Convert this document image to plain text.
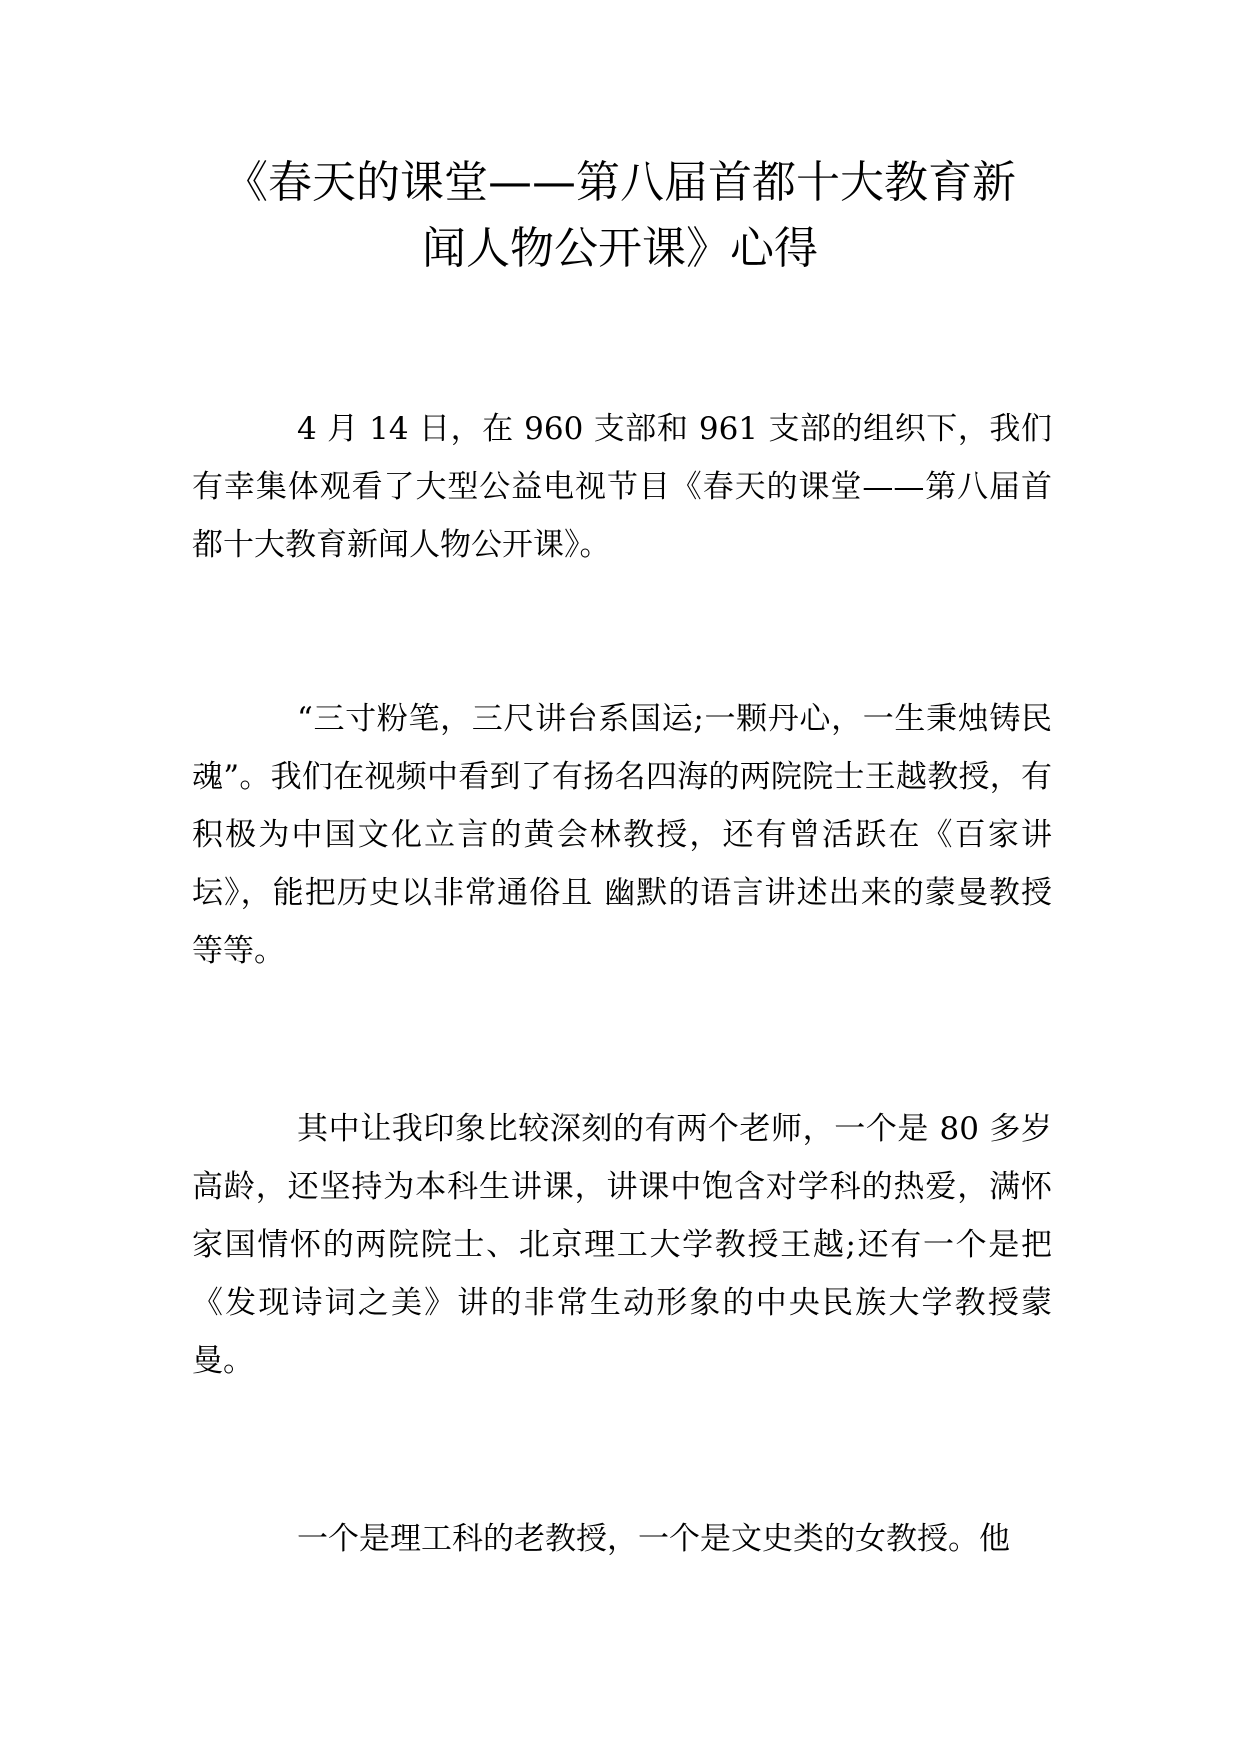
《春天的课堂——第八届首都十大教育新
闻人物公开课》心得

4 月 14 日，在 960 支部和 961 支部的组织下，我们有幸集体观看了大型公益电视节目《春天的课堂——第八届首都十大教育新闻人物公开课》。

“三寸粉笔，三尺讲台系国运;一颗丹心，一生秉烛铸民魂”。我们在视频中看到了有扬名四海的两院院士王越教授，有积极为中国文化立言的黄会林教授，还有曾活跃在《百家讲坛》，能把历史以非常通俗且 幽默的语言讲述出来的蒙曼教授等等。

其中让我印象比较深刻的有两个老师，一个是 80 多岁高龄，还坚持为本科生讲课，讲课中饱含对学科的热爱，满怀家国情怀的两院院士、北京理工大学教授王越;还有一个是把《发现诗词之美》讲的非常生动形象的中央民族大学教授蒙曼。

一个是理工科的老教授，一个是文史类的女教授。他
